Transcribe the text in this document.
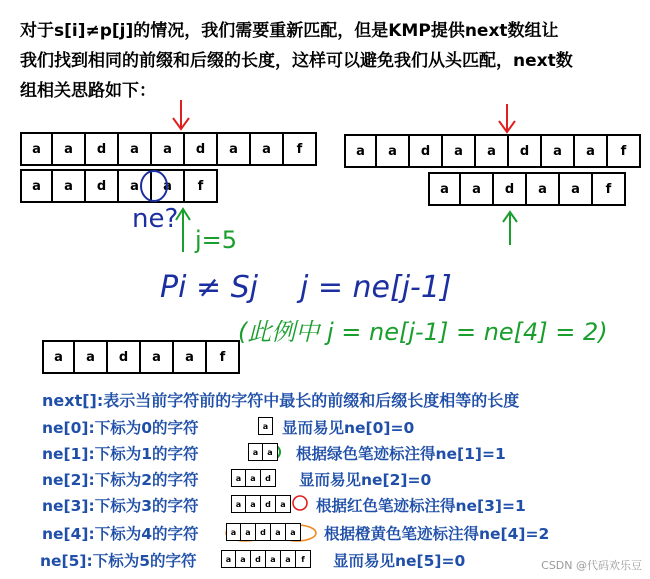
对于s[i]≠p[j]的情况，我们需要重新匹配，但是KMP提供next数组让
我们找到相同的前缀和后缀的长度，这样可以避免我们从头匹配，next数
组相关思路如下：
a	a	d	a	a	d	a	a	f
a	a	d	a	a	f
a	a	d	a	a	d	a	a	f
a	a	d	a	a	f
a	a	d	a	a	f
ne?
j=5
Pi ≠ Sj j = ne[j-1]
(此例中 j = ne[j-1] = ne[4] = 2)
next[]:表示当前字符前的字符中最长的前缀和后缀长度相等的长度
ne[0]:下标为0的字符	a 显而易见ne[0]=0
ne[1]:下标为1的字符	a	a	根据绿色笔迹标注得ne[1]=1
ne[2]:下标为2的字符	a	a	d	显而易见ne[2]=0
ne[3]:下标为3的字符	a	a	d	a	根据红色笔迹标注得ne[3]=1
ne[4]:下标为4的字符	a	a	d	a	a	根据橙黄色笔迹标注得ne[4]=2
ne[5]:下标为5的字符	a	a	d	a	a	f	显而易见ne[5]=0	CSDN @代码欢乐豆
